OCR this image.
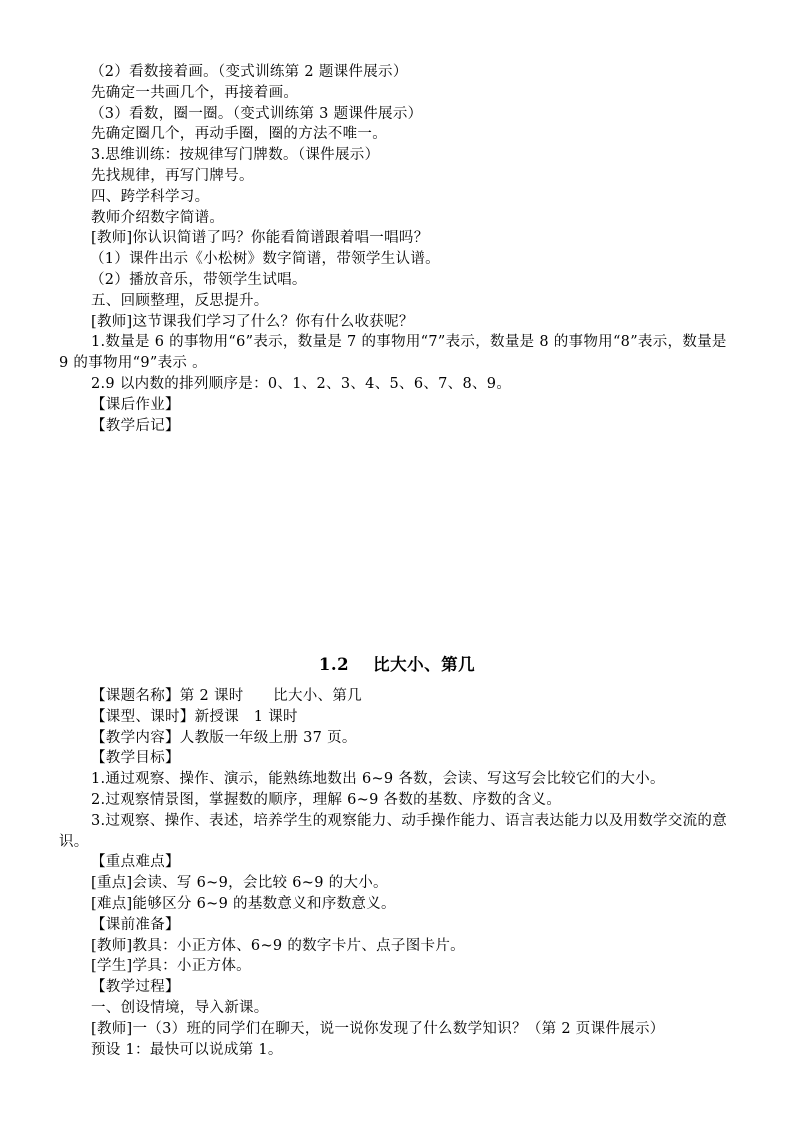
（2）看数接着画。（变式训练第 2 题课件展示）
先确定一共画几个，再接着画。
（3）看数，圈一圈。（变式训练第 3 题课件展示）
先确定圈几个，再动手圈，圈的方法不唯一。
3.思维训练：按规律写门牌数。（课件展示）
先找规律，再写门牌号。
四、跨学科学习。
教师介绍数字简谱。
[教师]你认识简谱了吗？你能看简谱跟着唱一唱吗？
（1）课件出示《小松树》数字简谱，带领学生认谱。
（2）播放音乐，带领学生试唱。
五、回顾整理，反思提升。
[教师]这节课我们学习了什么？你有什么收获呢？
1.数量是 6 的事物用“6”表示，数量是 7 的事物用“7”表示，数量是 8 的事物用“8”表示，数量是 9 的事物用“9”表示 。
2.9 以内数的排列顺序是：0、1、2、3、4、5、6、7、8、9。
【课后作业】
【教学后记】
1.2 比大小、第几
【课题名称】第 2 课时　　比大小、第几
【课型、课时】新授课　1 课时
【教学内容】人教版一年级上册 37 页。
【教学目标】
1.通过观察、操作、演示，能熟练地数出 6~9 各数，会读、写这写会比较它们的大小。
2.过观察情景图，掌握数的顺序，理解 6~9 各数的基数、序数的含义。
3.过观察、操作、表述，培养学生的观察能力、动手操作能力、语言表达能力以及用数学交流的意识。
【重点难点】
[重点]会读、写 6~9，会比较 6~9 的大小。
[难点]能够区分 6~9 的基数意义和序数意义。
【课前准备】
[教师]教具：小正方体、6~9 的数字卡片、点子图卡片。
[学生]学具：小正方体。
【教学过程】
一、创设情境，导入新课。
[教师]一（3）班的同学们在聊天，说一说你发现了什么数学知识？（第 2 页课件展示）
预设 1：最快可以说成第 1。
